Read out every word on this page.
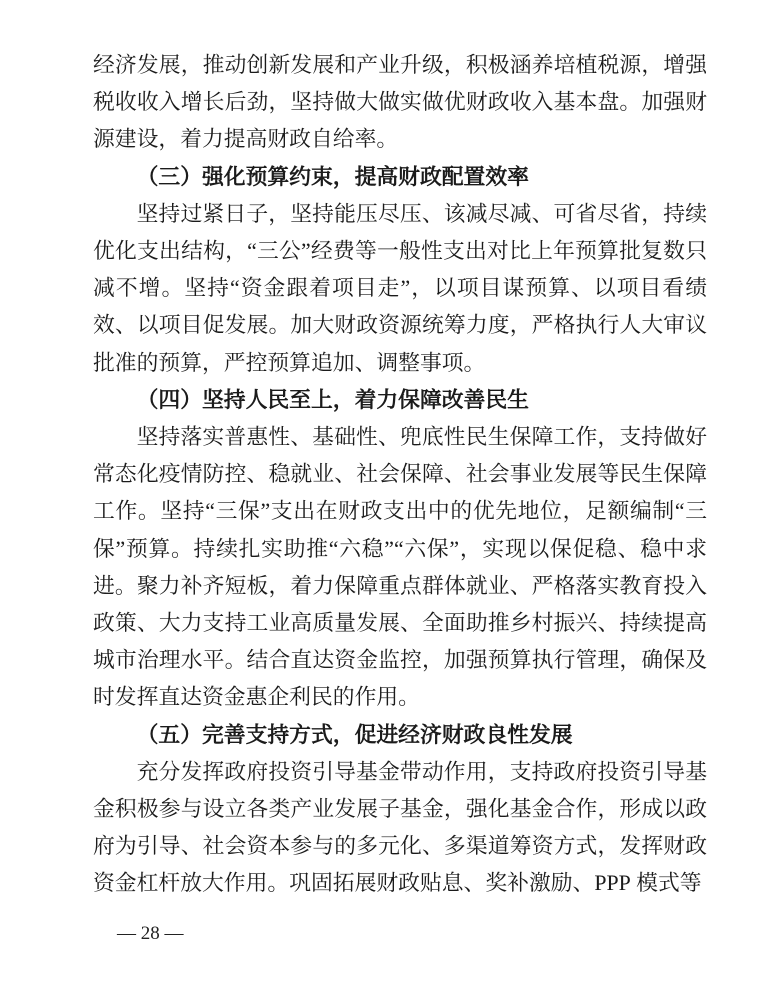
经济发展，推动创新发展和产业升级，积极涵养培植税源，增强税收收入增长后劲，坚持做大做实做优财政收入基本盘。加强财源建设，着力提高财政自给率。

（三）强化预算约束，提高财政配置效率

坚持过紧日子，坚持能压尽压、该减尽减、可省尽省，持续优化支出结构，“三公”经费等一般性支出对比上年预算批复数只减不增。坚持“资金跟着项目走”，以项目谋预算、以项目看绩效、以项目促发展。加大财政资源统筹力度，严格执行人大审议批准的预算，严控预算追加、调整事项。

（四）坚持人民至上，着力保障改善民生

坚持落实普惠性、基础性、兜底性民生保障工作，支持做好常态化疫情防控、稳就业、社会保障、社会事业发展等民生保障工作。坚持“三保”支出在财政支出中的优先地位，足额编制“三保”预算。持续扎实助推“六稳”“六保”，实现以保促稳、稳中求进。聚力补齐短板，着力保障重点群体就业、严格落实教育投入政策、大力支持工业高质量发展、全面助推乡村振兴、持续提高城市治理水平。结合直达资金监控，加强预算执行管理，确保及时发挥直达资金惠企利民的作用。

（五）完善支持方式，促进经济财政良性发展

充分发挥政府投资引导基金带动作用，支持政府投资引导基金积极参与设立各类产业发展子基金，强化基金合作，形成以政府为引导、社会资本参与的多元化、多渠道筹资方式，发挥财政资金杠杆放大作用。巩固拓展财政贴息、奖补激励、PPP 模式等

— 28 —
